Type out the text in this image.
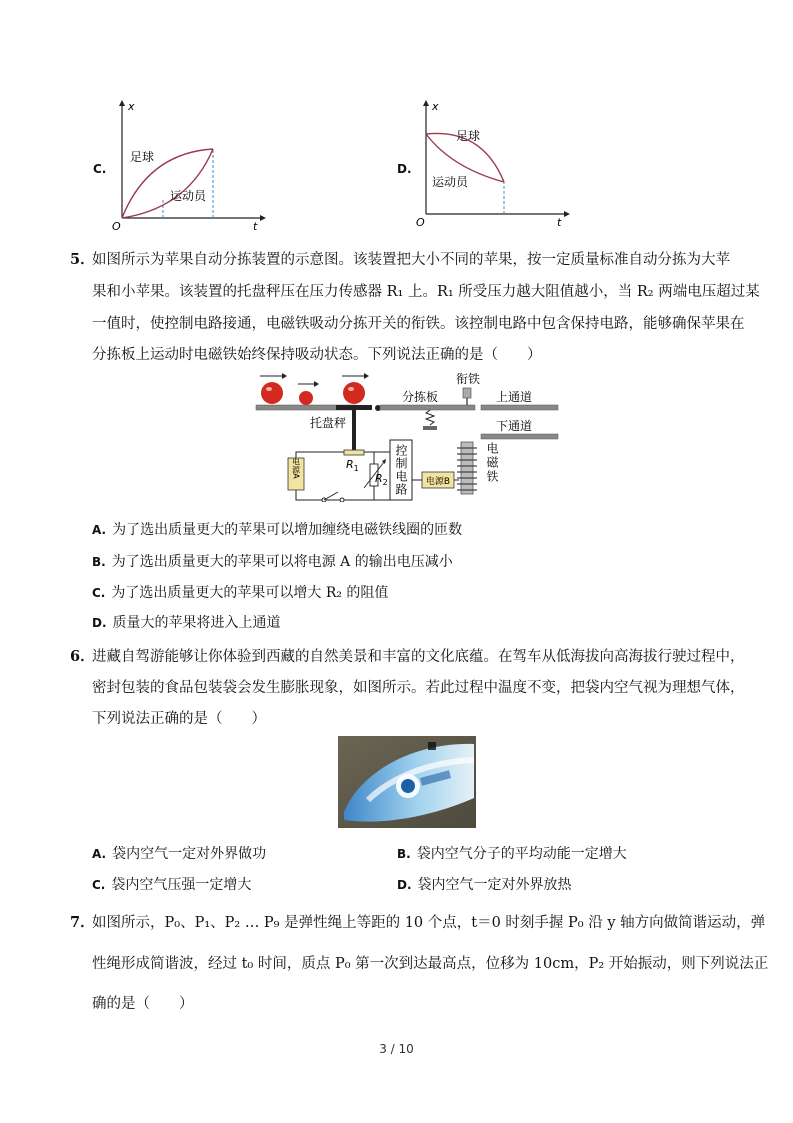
C.
x
t
O
足球
运动员
D.
x
t
O
足球
运动员
5．
如图所示为苹果自动分拣装置的示意图。该装置把大小不同的苹果，按一定质量标准自动分拣为大苹
果和小苹果。该装置的托盘秤压在压力传感器 R₁ 上。R₁ 所受压力越大阻值越小，当 R₂ 两端电压超过某
一值时，使控制电路接通，电磁铁吸动分拣开关的衔铁。该控制电路中包含保持电路，能够确保苹果在
分拣板上运动时电磁铁始终保持吸动状态。下列说法正确的是（　　）
托盘秤
分拣板
衔铁
上通道
下通道
$R_1$
电源A	$R_2$ 控制电路 电源B	电磁铁
A. 为了选出质量更大的苹果可以增加缠绕电磁铁线圈的匝数
B. 为了选出质量更大的苹果可以将电源 A 的输出电压减小
C. 为了选出质量更大的苹果可以增大 R₂ 的阻值
D. 质量大的苹果将进入上通道
6．
进藏自驾游能够让你体验到西藏的自然美景和丰富的文化底蕴。在驾车从低海拔向高海拔行驶过程中，
密封包装的食品包装袋会发生膨胀现象，如图所示。若此过程中温度不变，把袋内空气视为理想气体，
下列说法正确的是（　　）
A. 袋内空气一定对外界做功	B. 袋内空气分子的平均动能一定增大
C. 袋内空气压强一定增大	D. 袋内空气一定对外界放热
7．
如图所示，P₀、P₁、P₂ … P₉ 是弹性绳上等距的 10 个点，t＝0 时刻手握 P₀ 沿 y 轴方向做简谐运动，弹
性绳形成简谐波，经过 t₀ 时间，质点 P₀ 第一次到达最高点，位移为 10cm，P₂ 开始振动，则下列说法正
确的是（　　）
3 / 10
